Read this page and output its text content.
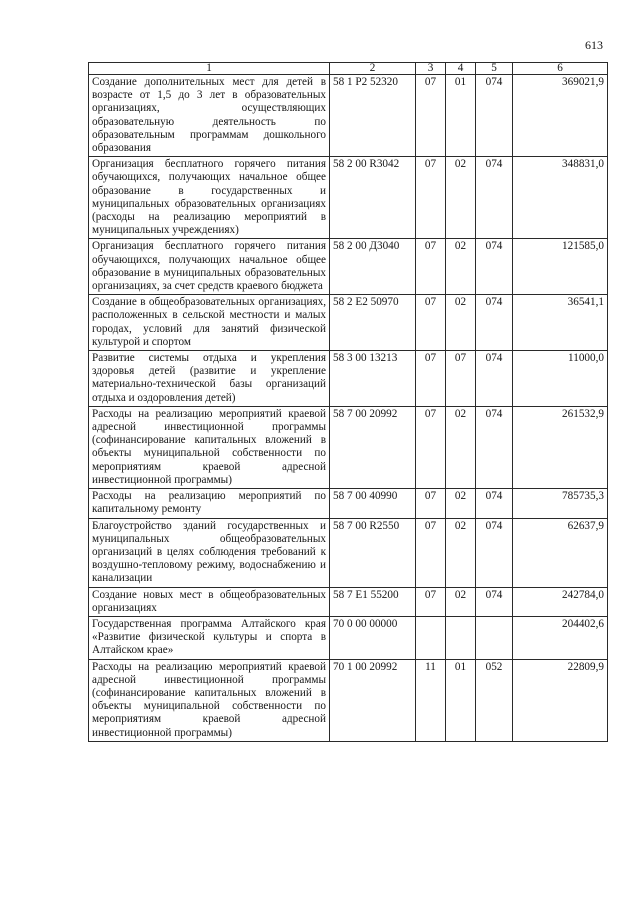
613
1	2	3	4	5	6
Создание дополнительных мест для детей в возрасте от 1,5 до 3 лет в образовательных организациях, осуществляющих образовательную деятельность по образовательным программам дошкольного образования	58 1 Р2 52320	07	01	074	369021,9
Организация бесплатного горячего питания обучающихся, получающих начальное общее образование в государственных и муниципальных образовательных организациях (расходы на реализацию мероприятий в муниципальных учреждениях)	58 2 00 R3042	07	02	074	348831,0
Организация бесплатного горячего питания обучающихся, получающих начальное общее образование в муниципальных образовательных организациях, за счет средств краевого бюджета	58 2 00 Д3040	07	02	074	121585,0
Создание в общеобразовательных организациях, расположенных в сельской местности и малых городах, условий для занятий физической культурой и спортом	58 2 Е2 50970	07	02	074	36541,1
Развитие системы отдыха и укрепления здоровья детей (развитие и укрепление материально-технической базы организаций отдыха и оздоровления детей)	58 3 00 13213	07	07	074	11000,0
Расходы на реализацию мероприятий краевой адресной инвестиционной программы (софинансирование капитальных вложений в объекты муниципальной собственности по мероприятиям краевой адресной инвестиционной программы)	58 7 00 20992	07	02	074	261532,9
Расходы на реализацию мероприятий по капитальному ремонту	58 7 00 40990	07	02	074	785735,3
Благоустройство зданий государственных и муниципальных общеобразовательных организаций в целях соблюдения требований к воздушно-тепловому режиму, водоснабжению и канализации	58 7 00 R2550	07	02	074	62637,9
Создание новых мест в общеобразовательных организациях	58 7 Е1 55200	07	02	074	242784,0
Государственная программа Алтайского края «Развитие физической культуры и спорта в Алтайском крае»	70 0 00 00000				204402,6
Расходы на реализацию мероприятий краевой адресной инвестиционной программы (софинансирование капитальных вложений в объекты муниципальной собственности по мероприятиям краевой адресной инвестиционной программы)	70 1 00 20992	11	01	052	22809,9
